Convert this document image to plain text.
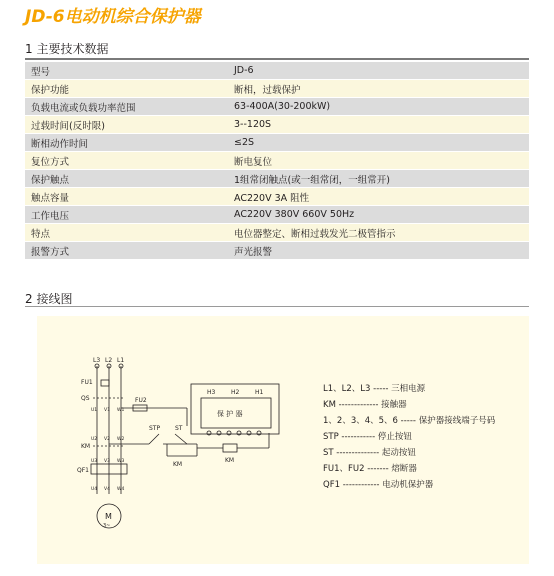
JD-6电动机综合保护器
1 主要技术数据
型号	JD-6
保护功能	断相，过载保护
负载电流或负载功率范围	63-400A(30-200kW)
过载时间(反时限)	3--120S
断相动作时间	≤2S
复位方式	断电复位
保护触点	1组常闭触点(或一组常闭，一组常开)
触点容量	AC220V 3A 阻性
工作电压	AC220V 380V 660V 50Hz
特点	电位器整定、断相过载发光二极管指示
报警方式	声光报警
2 接线图
L3 L2 L1
FU1
FU2
QS
KM
QF1
STP ST
KM
KM
H3	H2	H1
保 护 器
M
3~
U1 V1 W1
U2 V2 W2
U3 V3 W3
U4 V4 W4
L1、L2、L3 ----- 三相电源
KM ------------- 接触器
1、2、3、4、5、6 ----- 保护器接线端子号码
STP ----------- 停止按钮
ST -------------- 起动按钮
FU1、FU2 ------- 熔断器
QF1 ------------ 电动机保护器
